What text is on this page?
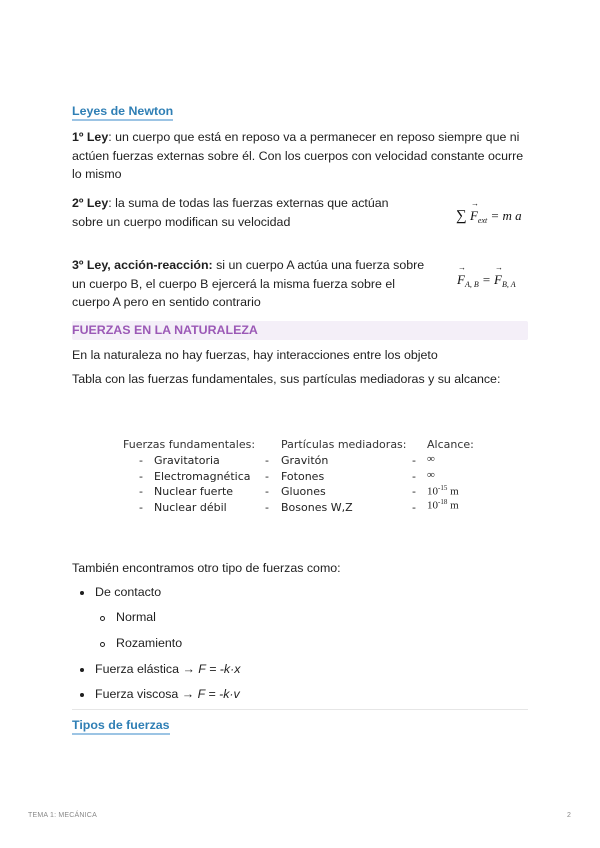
Leyes de Newton
1º Ley: un cuerpo que está en reposo va a permanecer en reposo siempre que ni actúen fuerzas externas sobre él. Con los cuerpos con velocidad constante ocurre lo mismo
2º Ley: la suma de todas las fuerzas externas que actúan sobre un cuerpo modifican su velocidad	∑ → $F_{ext} = m$ a
3º Ley, acción-reacción: si un cuerpo A actúa una fuerza sobre un cuerpo B, el cuerpo B ejercerá la misma fuerza sobre el cuerpo A pero en sentido contrario
→ $F_{A, B}$ = → $F_{B, A}$
FUERZAS EN LA NATURALEZA
En la naturaleza no hay fuerzas, hay interacciones entre los objeto
Tabla con las fuerzas fundamentales, sus partículas mediadoras y su alcance:
Fuerzas fundamentales: Partículas mediadoras: Alcance:
- Gravitatoria
- Electromagnética
- Nuclear fuerte
- Nuclear débil
- Gravitón
- Fotones
- Gluones
- Bosones W,Z
- ∞
- ∞
- $10^{-15}$ m
- $10^{-18}$ m
También encontramos otro tipo de fuerzas como:
De contacto
Normal
Rozamiento
Fuerza elástica → F = -k·x
Fuerza viscosa → F = -k·v
Tipos de fuerzas
TEMA 1: MECÁNICA	2
